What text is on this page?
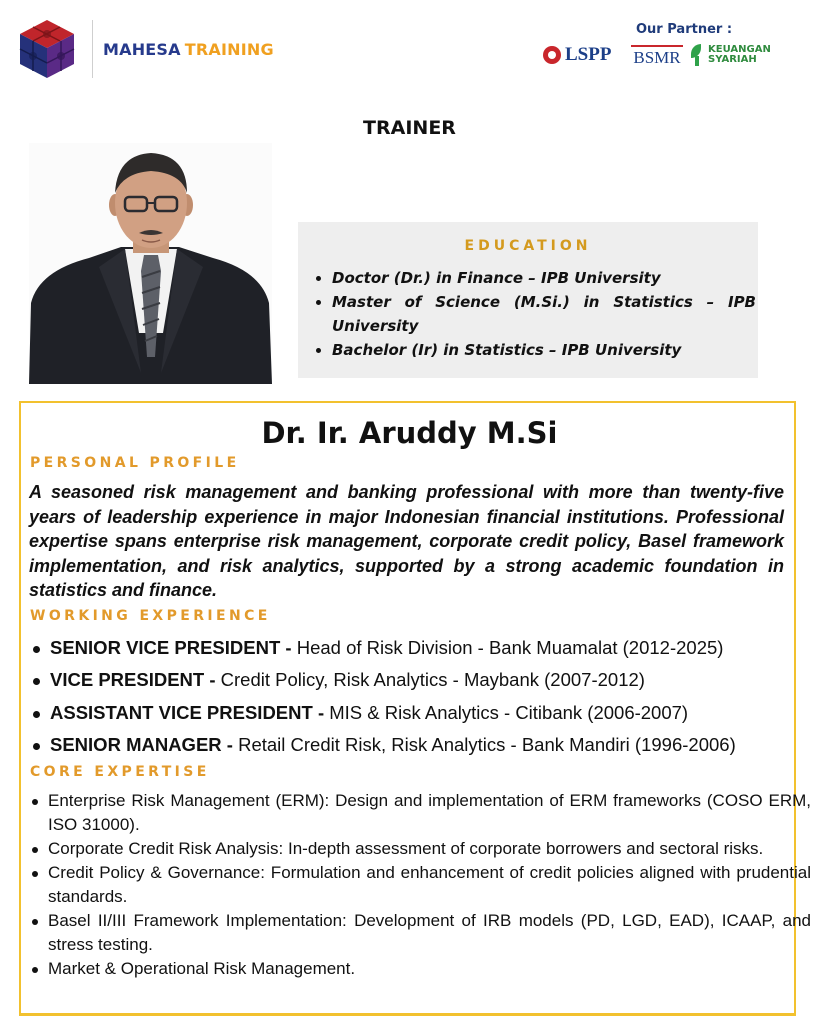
MAHESA TRAINING
Our Partner :
LSPP	BSMR	KEUANGAN
SYARIAH
TRAINER
EDUCATION
• Doctor (Dr.) in Finance – IPB University
• Master of Science (M.Si.) in Statistics – IPB University
• Bachelor (Ir) in Statistics – IPB University
Dr. Ir. Aruddy M.Si
PERSONAL PROFILE

A seasoned risk management and banking professional with more than twenty-five years of leadership experience in major Indonesian financial institutions. Professional expertise spans enterprise risk management, corporate credit policy, Basel framework implementation, and risk analytics, supported by a strong academic foundation in statistics and finance.

WORKING EXPERIENCE
SENIOR VICE PRESIDENT - Head of Risk Division - Bank Muamalat (2012-2025)
VICE PRESIDENT - Credit Policy, Risk Analytics - Maybank (2007-2012)
ASSISTANT VICE PRESIDENT - MIS & Risk Analytics - Citibank (2006-2007)
SENIOR MANAGER - Retail Credit Risk, Risk Analytics - Bank Mandiri (1996-2006)
CORE EXPERTISE
Enterprise Risk Management (ERM): Design and implementation of ERM frameworks (COSO ERM, ISO 31000).
Corporate Credit Risk Analysis: In-depth assessment of corporate borrowers and sectoral risks.
Credit Policy & Governance: Formulation and enhancement of credit policies aligned with prudential standards.
Basel II/III Framework Implementation: Development of IRB models (PD, LGD, EAD), ICAAP, and stress testing.
Market & Operational Risk Management.
